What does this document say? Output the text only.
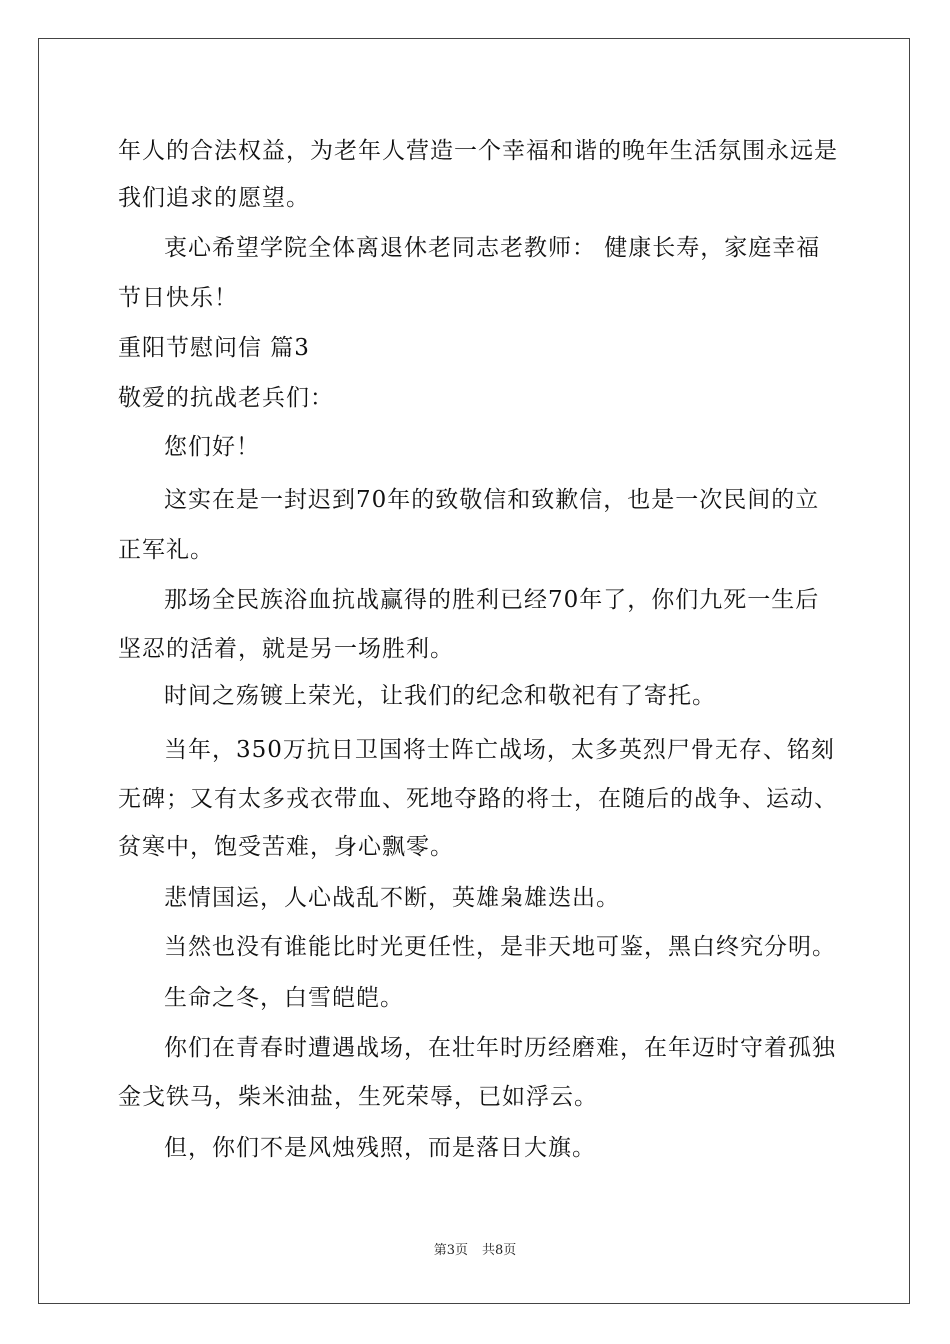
年人的合法权益，为老年人营造一个幸福和谐的晚年生活氛围永远是
我们追求的愿望。
衷心希望学院全体离退休老同志老教师： 健康长寿，家庭幸福
节日快乐！
重阳节慰问信 篇3
敬爱的抗战老兵们：
您们好！
这实在是一封迟到70年的致敬信和致歉信，也是一次民间的立
正军礼。
那场全民族浴血抗战赢得的胜利已经70年了，你们九死一生后
坚忍的活着，就是另一场胜利。
时间之殇镀上荣光，让我们的纪念和敬祀有了寄托。
当年，350万抗日卫国将士阵亡战场，太多英烈尸骨无存、铭刻
无碑；又有太多戎衣带血、死地夺路的将士，在随后的战争、运动、
贫寒中，饱受苦难，身心飘零。
悲情国运，人心战乱不断，英雄枭雄迭出。
当然也没有谁能比时光更任性，是非天地可鉴，黑白终究分明。
生命之冬，白雪皑皑。
你们在青春时遭遇战场，在壮年时历经磨难，在年迈时守着孤独
金戈铁马，柴米油盐，生死荣辱，已如浮云。
但，你们不是风烛残照，而是落日大旗。
第3页 共8页
